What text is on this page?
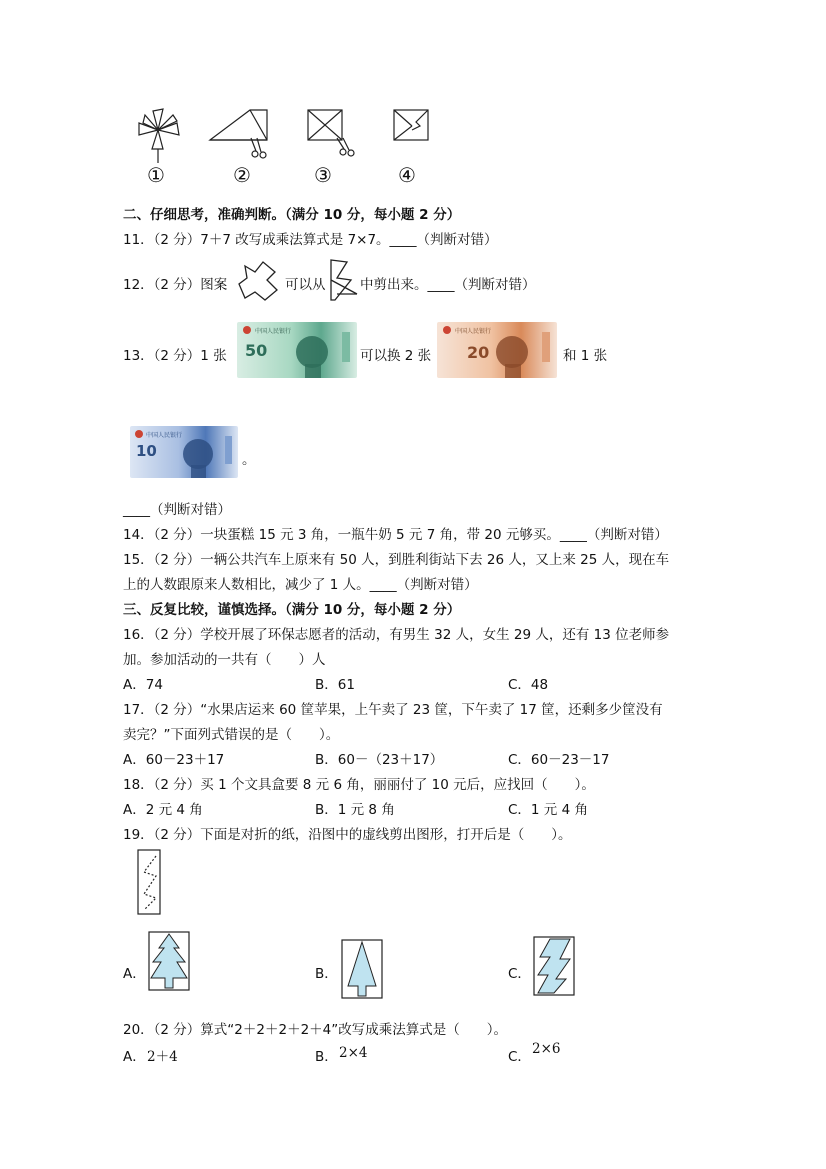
①	②	③	④
二、仔细思考，准确判断。（满分 10 分，每小题 2 分）
11．（2 分）7＋7 改写成乘法算式是 7×7。____（判断对错）
12．（2 分）图案	可以从	中剪出来。____（判断对错）
13．（2 分）1 张
中国人民银行
50	可以换 2 张
中国人民银行
20	和 1 张
中国人民银行
10	。
____（判断对错）
14．（2 分）一块蛋糕 15 元 3 角，一瓶牛奶 5 元 7 角，带 20 元够买。____（判断对错）
15．（2 分）一辆公共汽车上原来有 50 人，到胜利街站下去 26 人，又上来 25 人，现在车
上的人数跟原来人数相比，减少了 1 人。____（判断对错）
三、反复比较，谨慎选择。（满分 10 分，每小题 2 分）
16．（2 分）学校开展了环保志愿者的活动，有男生 32 人，女生 29 人，还有 13 位老师参
加。参加活动的一共有（　　）人
A．74	B．61	C．48
17．（2 分）“水果店运来 60 筐苹果，上午卖了 23 筐，下午卖了 17 筐，还剩多少筐没有
卖完？”下面列式错误的是（　　）。
A．60－23＋17	B．60－（23＋17）	C．60－23－17
18．（2 分）买 1 个文具盒要 8 元 6 角，丽丽付了 10 元后，应找回（　　）。
A．2 元 4 角	B．1 元 8 角	C．1 元 4 角
19．（2 分）下面是对折的纸，沿图中的虚线剪出图形，打开后是（　　）。
A．	B．	C．
20．（2 分）算式“2＋2＋2＋2＋4”改写成乘法算式是（　　）。
A． 2＋4	B． 2×4	C． 2×6
